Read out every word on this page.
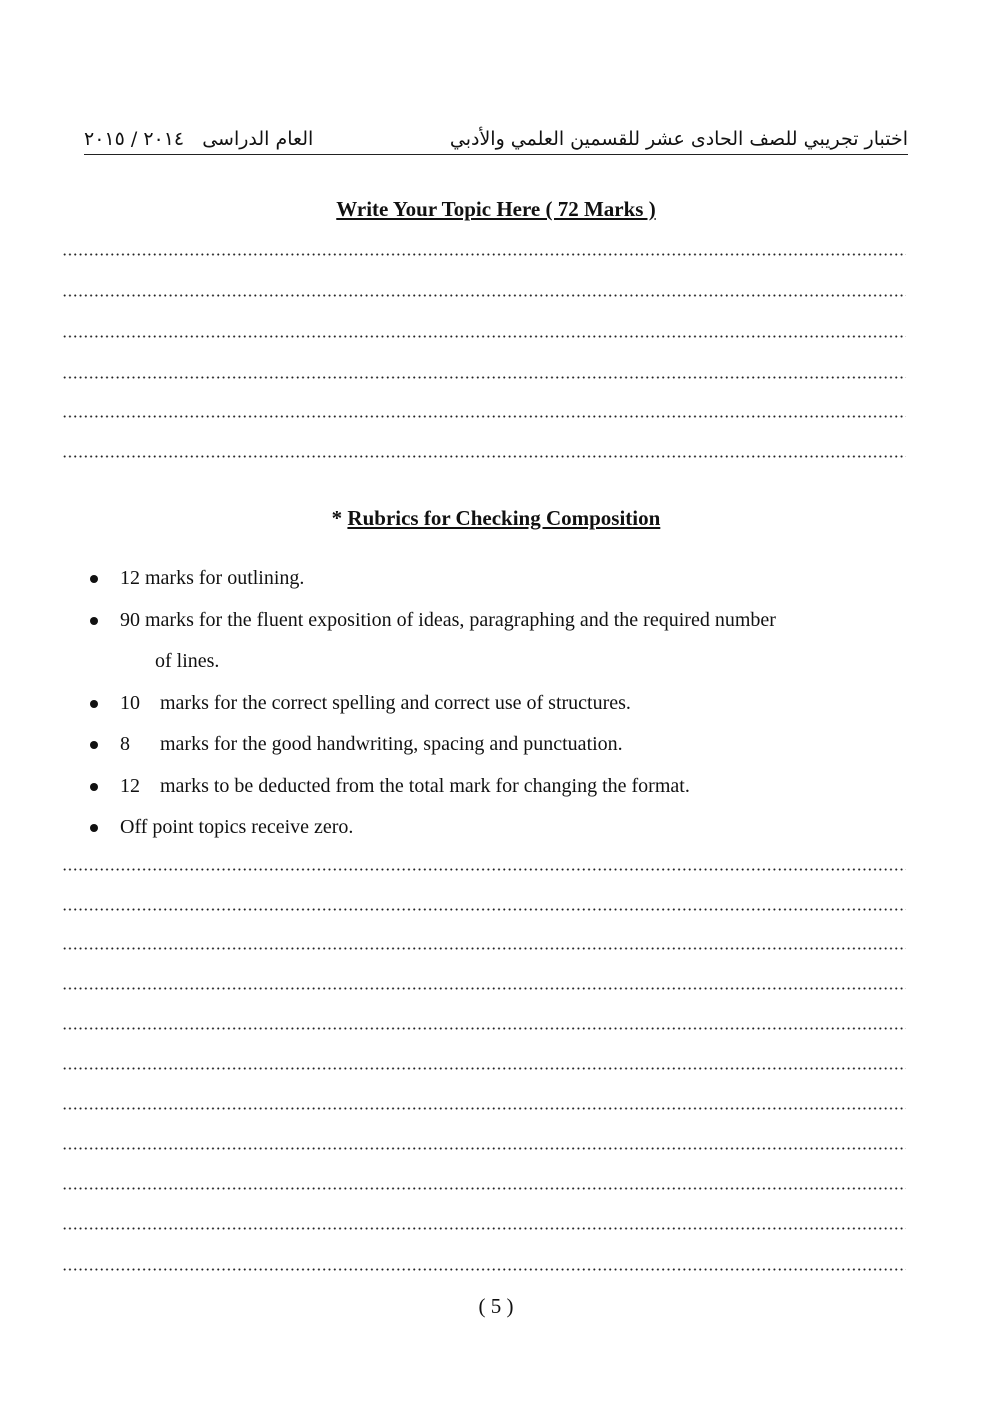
اختبار تجريبي للصف الحادى عشر للقسمين العلمي والأدبي
العام الدراسى ٢٠١٤ / ٢٠١٥
Write Your Topic Here ( 72 Marks )
* Rubrics for Checking Composition
12 marks for outlining.
90 marks for the fluent exposition of ideas, paragraphing and the required number
of lines.
10 marks for the correct spelling and correct use of structures.
8 marks for the good handwriting, spacing and punctuation.
12 marks to be deducted from the total mark for changing the format.
Off point topics receive zero.
( 5 )
